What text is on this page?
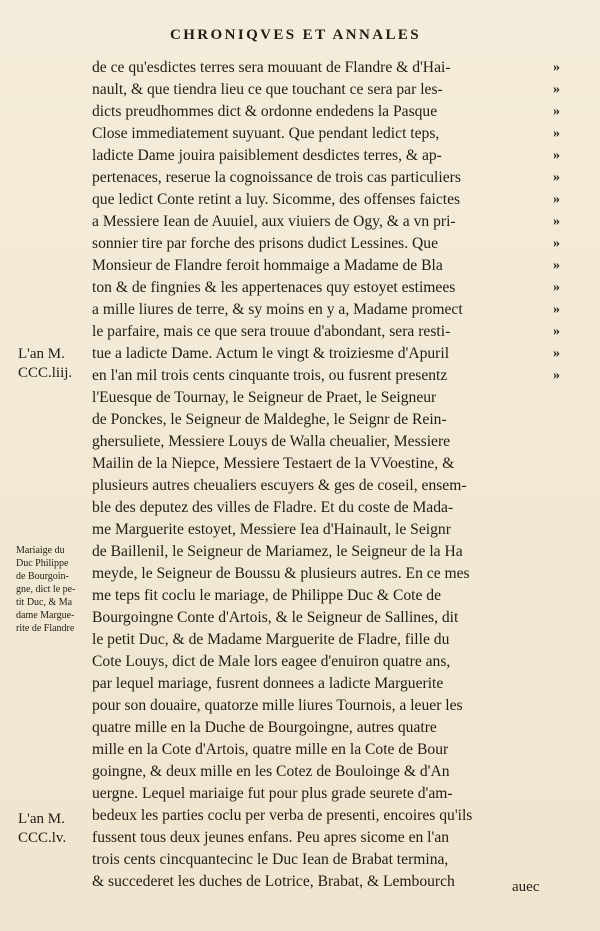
CHRONIQVES ET ANNALES
de ce qu'esdictes terres sera mouuant de Flandre & d'Hai-
nault, & que tiendra lieu ce que touchant ce sera par les-
dicts preudhommes dict & ordonne endedens la Pasque
Close immediatement suyuant. Que pendant ledict teps,
ladicte Dame jouira paisiblement desdictes terres, & ap-
pertenaces, reserue la cognoissance de trois cas particuliers
que ledict Conte retint a luy. Sicomme, des offenses faictes
a Messiere Iean de Auuiel, aux viuiers de Ogy, & a vn pri-
sonnier tire par forche des prisons dudict Lessines. Que
Monsieur de Flandre feroit hommaige a Madame de Bla
ton & de fingnies & les appertenaces quy estoyet estimees
a mille liures de terre, & sy moins en y a, Madame promect
le parfaire, mais ce que sera trouue d'abondant, sera resti-
tue a ladicte Dame. Actum le vingt & troiziesme d'Apuril
en l'an mil trois cents cinquante trois, ou fusrent presentz
l'Euesque de Tournay, le Seigneur de Praet, le Seigneur
de Ponckes, le Seigneur de Maldeghe, le Seignr de Rein-
ghersuliete, Messiere Louys de Walla cheualier, Messiere
Mailin de la Niepce, Messiere Testaert de la VVoestine, &
plusieurs autres cheualiers escuyers & ges de coseil, ensem-
ble des deputez des villes de Fladre. Et du coste de Mada-
me Marguerite estoyet, Messiere Iea d'Hainault, le Seignr
de Baillenil, le Seigneur de Mariamez, le Seigneur de la Ha
meyde, le Seigneur de Boussu & plusieurs autres. En ce mes
me teps fit coclu le mariage, de Philippe Duc & Cote de
Bourgoingne Conte d'Artois, & le Seigneur de Sallines, dit
le petit Duc, & de Madame Marguerite de Fladre, fille du
Cote Louys, dict de Male lors eagee d'enuiron quatre ans,
par lequel mariage, fusrent donnees a ladicte Marguerite
pour son douaire, quatorze mille liures Tournois, a leuer les
quatre mille en la Duche de Bourgoingne, autres quatre
mille en la Cote d'Artois, quatre mille en la Cote de Bour
goingne, & deux mille en les Cotez de Bouloinge & d'An
uergne. Lequel mariaige fut pour plus grade seurete d'am-
bedeux les parties coclu per verba de presenti, encoires qu'ils
fussent tous deux jeunes enfans. Peu apres sicome en l'an
trois cents cincquantecinc le Duc Iean de Brabat termina,
& succederet les duches de Lotrice, Brabat, & Lembourch
»
»
»
»
»
»
»
»
»
»
»
»
»
»
»
L'an M.
CCC.liij.
Mariaige du
Duc Philippe
de Bourgoin-
gne, dict le pe-
tit Duc, & Ma
dame Margue-
rite de Flandre
L'an M.
CCC.lv.
auec
